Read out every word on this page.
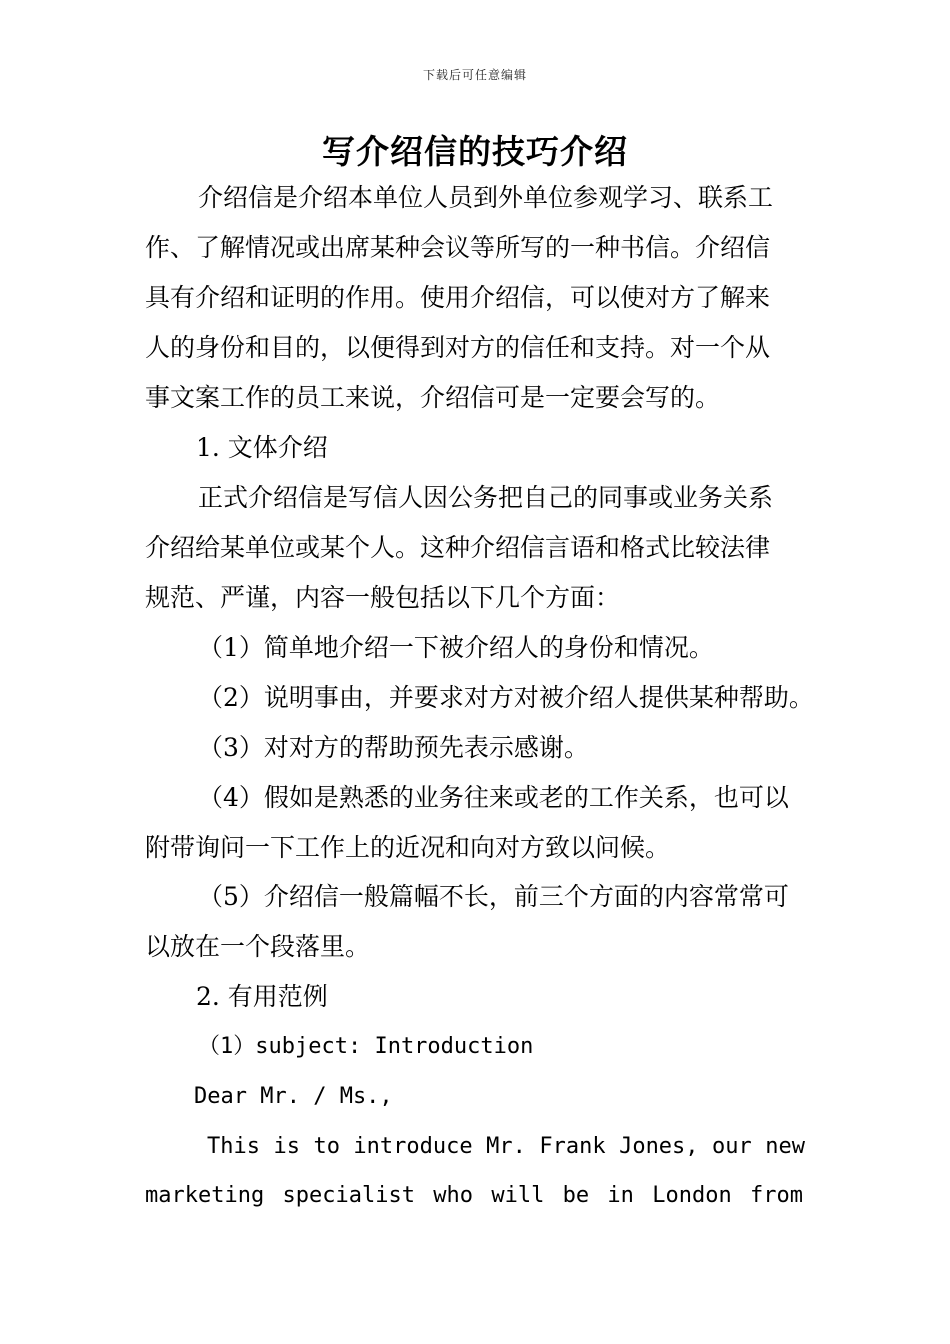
下载后可任意编辑
写介绍信的技巧介绍
介绍信是介绍本单位人员到外单位参观学习、联系工
作、了解情况或出席某种会议等所写的一种书信。介绍信
具有介绍和证明的作用。使用介绍信，可以使对方了解来
人的身份和目的，以便得到对方的信任和支持。对一个从
事文案工作的员工来说，介绍信可是一定要会写的。
1. 文体介绍
正式介绍信是写信人因公务把自己的同事或业务关系
介绍给某单位或某个人。这种介绍信言语和格式比较法律
规范、严谨，内容一般包括以下几个方面：
（1）简单地介绍一下被介绍人的身份和情况。
（2）说明事由，并要求对方对被介绍人提供某种帮助。
（3）对对方的帮助预先表示感谢。
（4）假如是熟悉的业务往来或老的工作关系，也可以
附带询问一下工作上的近况和向对方致以问候。
（5）介绍信一般篇幅不长，前三个方面的内容常常可
以放在一个段落里。
2. 有用范例
（1）subject: Introduction
Dear Mr. / Ms.,
This is to introduce Mr. Frank Jones, our new
marketing specialist who will be in London from
